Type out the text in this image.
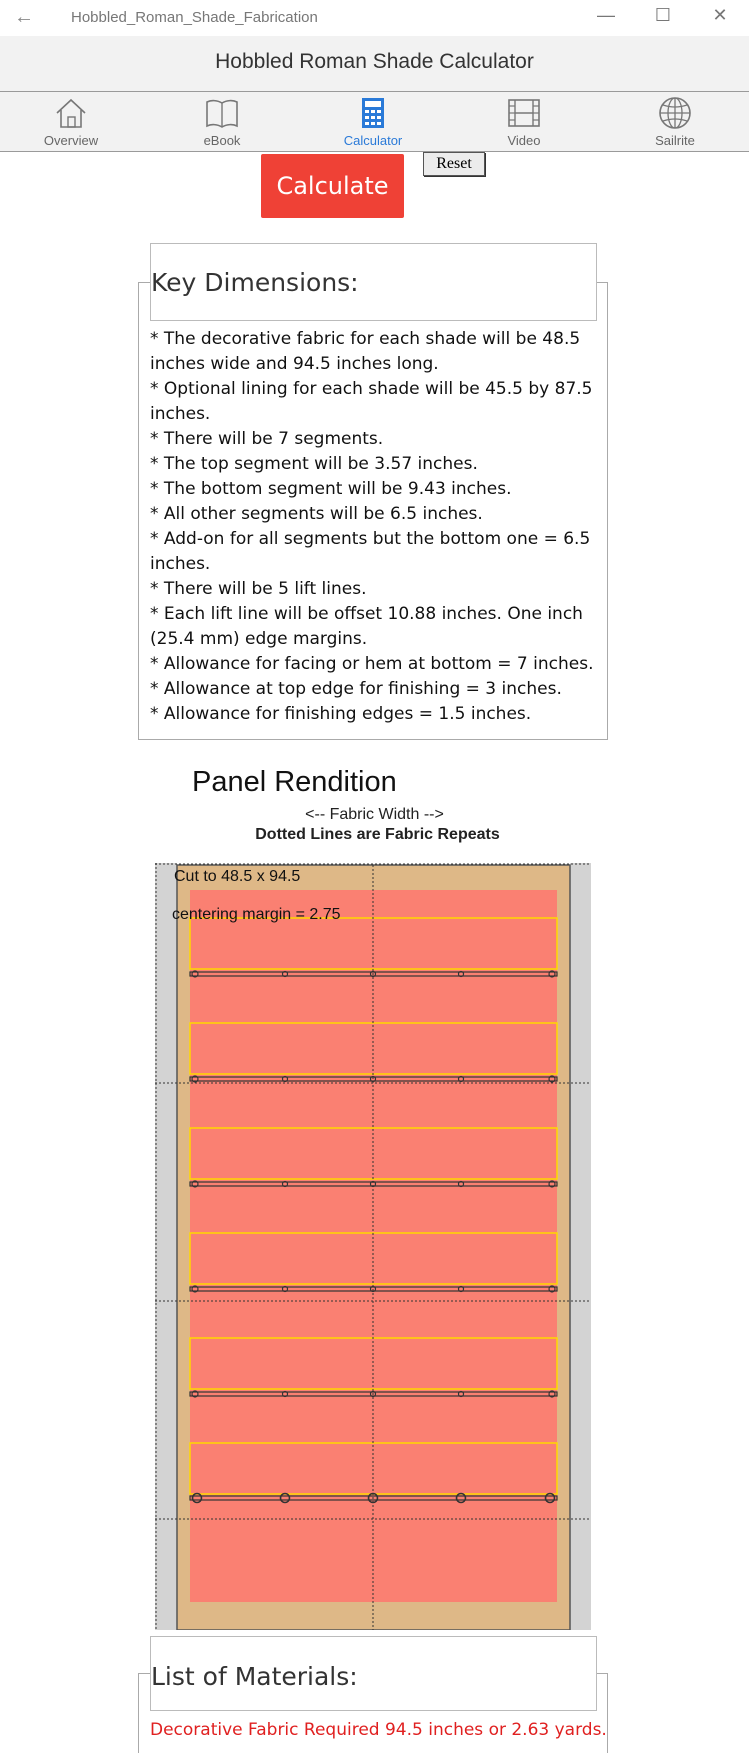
← Hobbled_Roman_Shade_Fabrication	— ☐	✕
Hobbled Roman Shade Calculator
Overview	eBook	Calculator	Video	Sailrite
Calculate
Reset
Key Dimensions:
* The decorative fabric for each shade will be 48.5 inches wide and 94.5 inches long.
* Optional lining for each shade will be 45.5 by 87.5 inches.
* There will be 7 segments.
* The top segment will be 3.57 inches.
* The bottom segment will be 9.43 inches.
* All other segments will be 6.5 inches.
* Add-on for all segments but the bottom one = 6.5 inches.
* There will be 5 lift lines.
* Each lift line will be offset 10.88 inches. One inch (25.4 mm) edge margins.
* Allowance for facing or hem at bottom = 7 inches.
* Allowance at top edge for finishing = 3 inches.
* Allowance for finishing edges = 1.5 inches.
Panel Rendition
<-- Fabric Width -->
Dotted Lines are Fabric Repeats
Cut to 48.5 x 94.5
centering margin = 2.75
List of Materials:
Decorative Fabric Required 94.5 inches or 2.63 yards.
